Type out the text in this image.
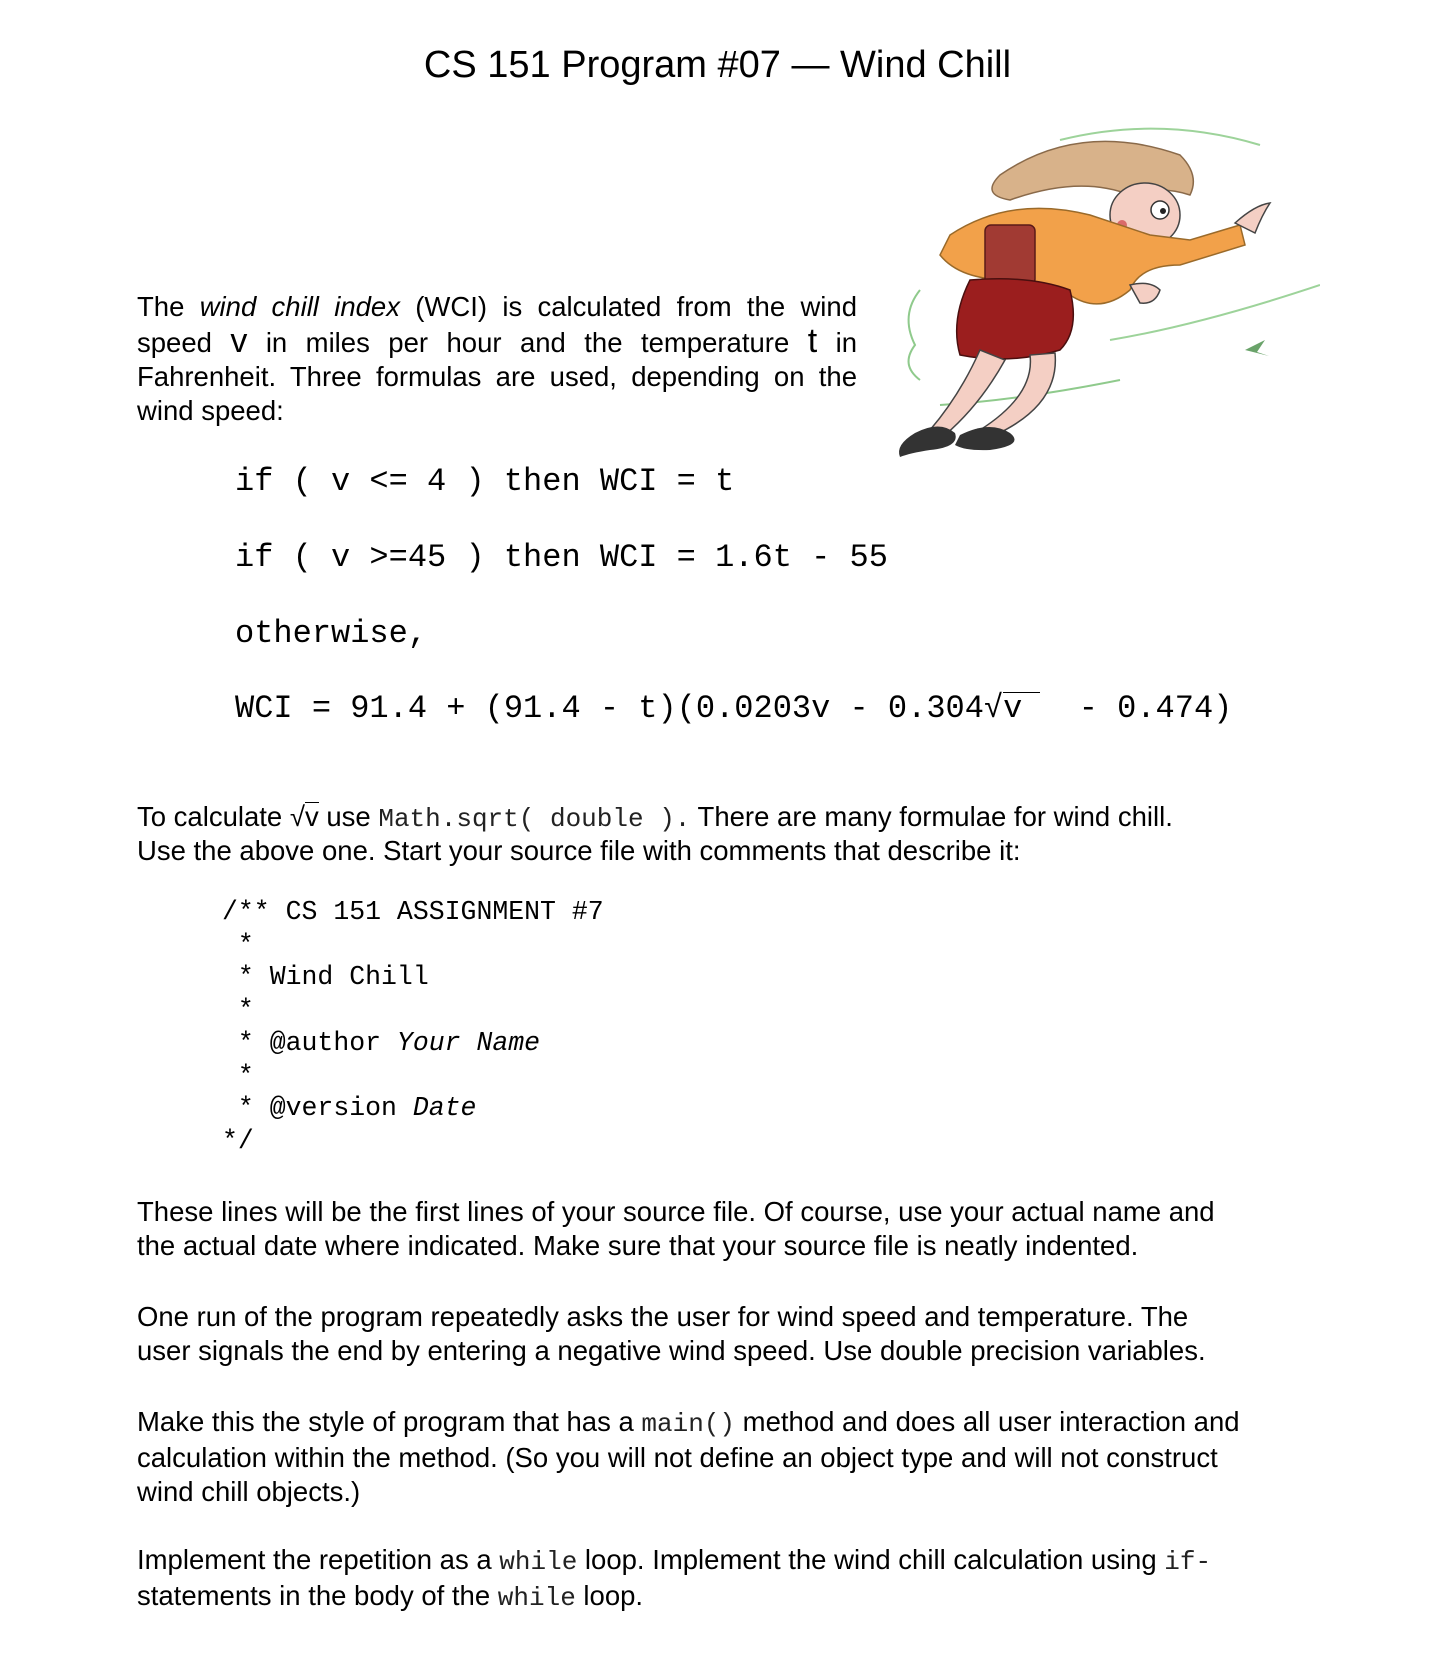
CS 151 Program #07 — Wind Chill
The wind chill index (WCI) is calculated from the wind speed v in miles per hour and the temperature t in Fahrenheit. Three formulas are used, depending on the wind speed:
if ( v <= 4 ) then WCI = t
if ( v >=45 ) then WCI = 1.6t - 55
otherwise,
WCI = 91.4 + (91.4 - t)(0.0203v - 0.304√v  - 0.474)
To calculate √v use Math.sqrt( double ). There are many formulae for wind chill.
Use the above one. Start your source file with comments that describe it:
/** CS 151 ASSIGNMENT #7
*
* Wind Chill
*
* @author Your Name
*
* @version Date
*/
These lines will be the first lines of your source file. Of course, use your actual name and
the actual date where indicated. Make sure that your source file is neatly indented.
One run of the program repeatedly asks the user for wind speed and temperature. The
user signals the end by entering a negative wind speed. Use double precision variables.
Make this the style of program that has a main() method and does all user interaction and
calculation within the method. (So you will not define an object type and will not construct
wind chill objects.)
Implement the repetition as a while loop. Implement the wind chill calculation using if-
statements in the body of the while loop.
